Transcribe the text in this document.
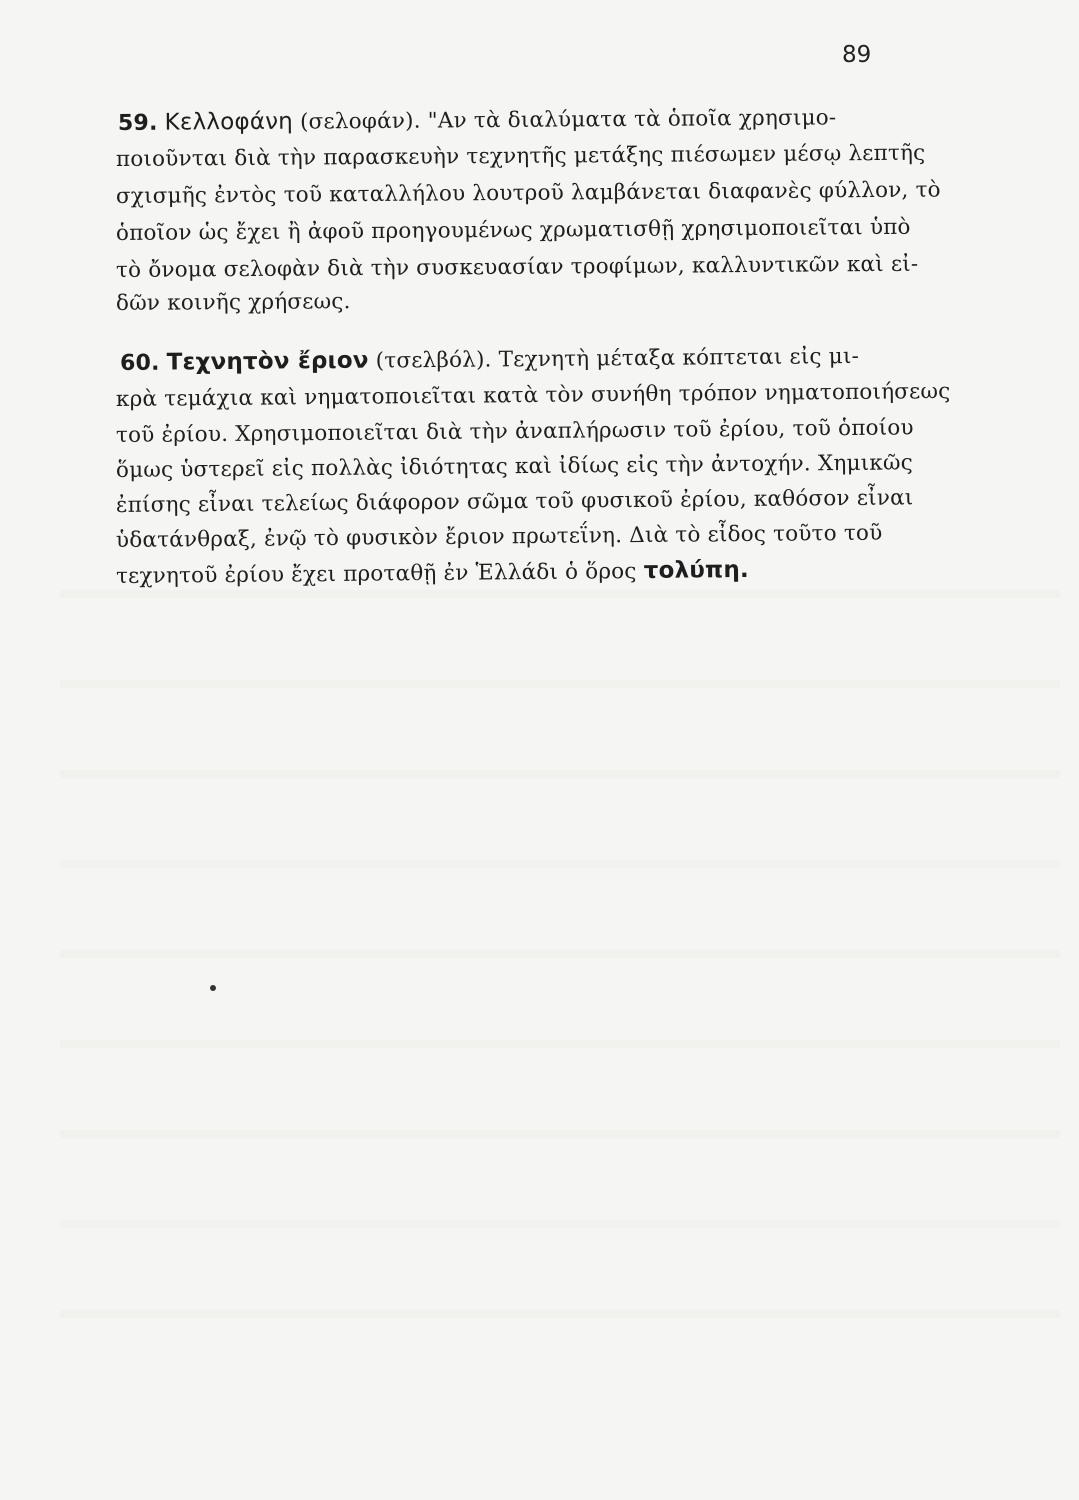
89
59. Κελλοφάνη (σελοφάν). "Αν τὰ διαλύματα τὰ ὁποῖα χρησιμο-
ποιοῦνται διὰ τὴν παρασκευὴν τεχνητῆς μετάξης πιέσωμεν μέσῳ λεπτῆς
σχισμῆς ἐντὸς τοῦ καταλλήλου λουτροῦ λαμβάνεται διαφανὲς φύλλον, τὸ
ὁποῖον ὡς ἔχει ἢ ἀφοῦ προηγουμένως χρωματισθῇ χρησιμοποιεῖται ὑπὸ
τὸ ὄνομα σελοφὰν διὰ τὴν συσκευασίαν τροφίμων, καλλυντικῶν καὶ εἰ-
δῶν κοινῆς χρήσεως.
60. Τεχνητὸν ἔριον (τσελβόλ). Τεχνητὴ μέταξα κόπτεται εἰς μι-
κρὰ τεμάχια καὶ νηματοποιεῖται κατὰ τὸν συνήθη τρόπον νηματοποιήσεως
τοῦ ἐρίου. Χρησιμοποιεῖται διὰ τὴν ἀναπλήρωσιν τοῦ ἐρίου, τοῦ ὁποίου
ὅμως ὑστερεῖ εἰς πολλὰς ἰδιότητας καὶ ἰδίως εἰς τὴν ἀντοχήν. Χημικῶς
ἐπίσης εἶναι τελείως διάφορον σῶμα τοῦ φυσικοῦ ἐρίου, καθόσον εἶναι
ὑδατάνθραξ, ἐνῷ τὸ φυσικὸν ἔριον πρωτεΐνη. Διὰ τὸ εἶδος τοῦτο τοῦ
τεχνητοῦ ἐρίου ἔχει προταθῇ ἐν Ἑλλάδι ὁ ὅρος τολύπη.
